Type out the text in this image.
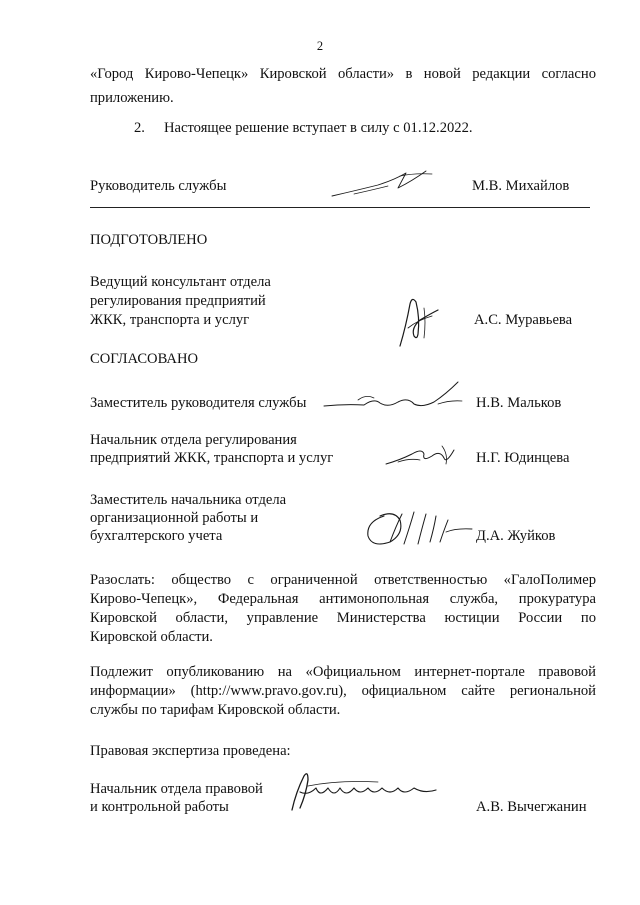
2
«Город Кирово-Чепецк» Кировской области» в новой редакции согласно
приложению.
2. Настоящее решение вступает в силу с 01.12.2022.
Руководитель службы	М.В. Михайлов
ПОДГОТОВЛЕНО
Ведущий консультант отдела
регулирования предприятий
ЖКК, транспорта и услуг	А.С. Муравьева
СОГЛАСОВАНО
Заместитель руководителя службы	Н.В. Мальков
Начальник отдела регулирования
предприятий ЖКК, транспорта и услуг	Н.Г. Юдинцева
Заместитель начальника отдела
организационной работы и
бухгалтерского учета	Д.А. Жуйков
Разослать: общество с ограниченной ответственностью «ГалоПолимер
Кирово-Чепецк», Федеральная антимонопольная служба, прокуратура
Кировской области, управление Министерства юстиции России по
Кировской области.
Подлежит опубликованию на «Официальном интернет-портале правовой
информации» (http://www.pravo.gov.ru), официальном сайте региональной
службы по тарифам Кировской области.
Правовая экспертиза проведена:
Начальник отдела правовой
и контрольной работы	А.В. Вычегжанин
